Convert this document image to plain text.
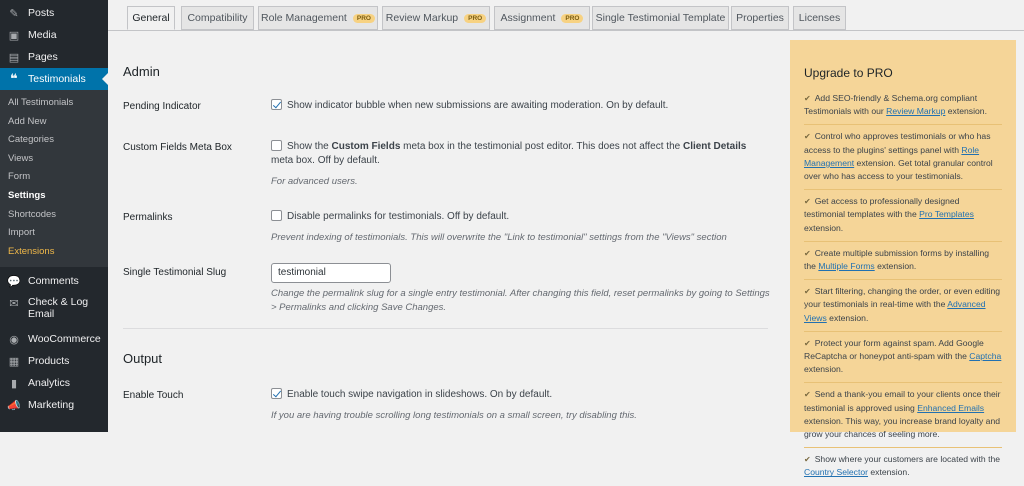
✎ Posts
▣ Media
▤ Pages
❝ Testimonials
All Testimonials
Add New
Categories
Views
Form
Settings
Shortcodes
Import
Extensions
💬 Comments
✉ Check & Log Email
◉ WooCommerce
▦ Products
▮	Analytics
📣 Marketing
General Compatibility Role Management	PRO	Review Markup	PRO	Assignment	PRO	Single Testimonial Template Properties Licenses
Admin
Pending Indicator	Show indicator bubble when new submissions are awaiting moderation. On by default.
Custom Fields Meta Box	Show the Custom Fields meta box in the testimonial post editor. This does not affect the Client Details meta box. Off by default.
For advanced users.
Permalinks	Disable permalinks for testimonials. Off by default.
Prevent indexing of testimonials. This will overwrite the "Link to testimonial" settings from the "Views" section
Single Testimonial Slug	testimonial
Change the permalink slug for a single entry testimonial. After changing this field, reset permalinks by going to Settings > Permalinks and clicking Save Changes.
Output
Enable Touch	Enable touch swipe navigation in slideshows. On by default.
If you are having trouble scrolling long testimonials on a small screen, try disabling this.
Upgrade to PRO
✔ Add SEO-friendly & Schema.org compliant Testimonials with our Review Markup extension.
✔ Control who approves testimonials or who has access to the plugins' settings panel with Role Management extension. Get total granular control over who has access to your testimonials.
✔ Get access to professionally designed testimonial templates with the Pro Templates extension.
✔ Create multiple submission forms by installing the Multiple Forms extension.
✔ Start filtering, changing the order, or even editing your testimonials in real-time with the Advanced Views extension.
✔ Protect your form against spam. Add Google ReCaptcha or honeypot anti-spam with the Captcha extension.
✔ Send a thank-you email to your clients once their testimonial is approved using Enhanced Emails extension. This way, you increase brand loyalty and grow your chances of seeling more.
✔ Show where your customers are located with the Country Selector extension.
